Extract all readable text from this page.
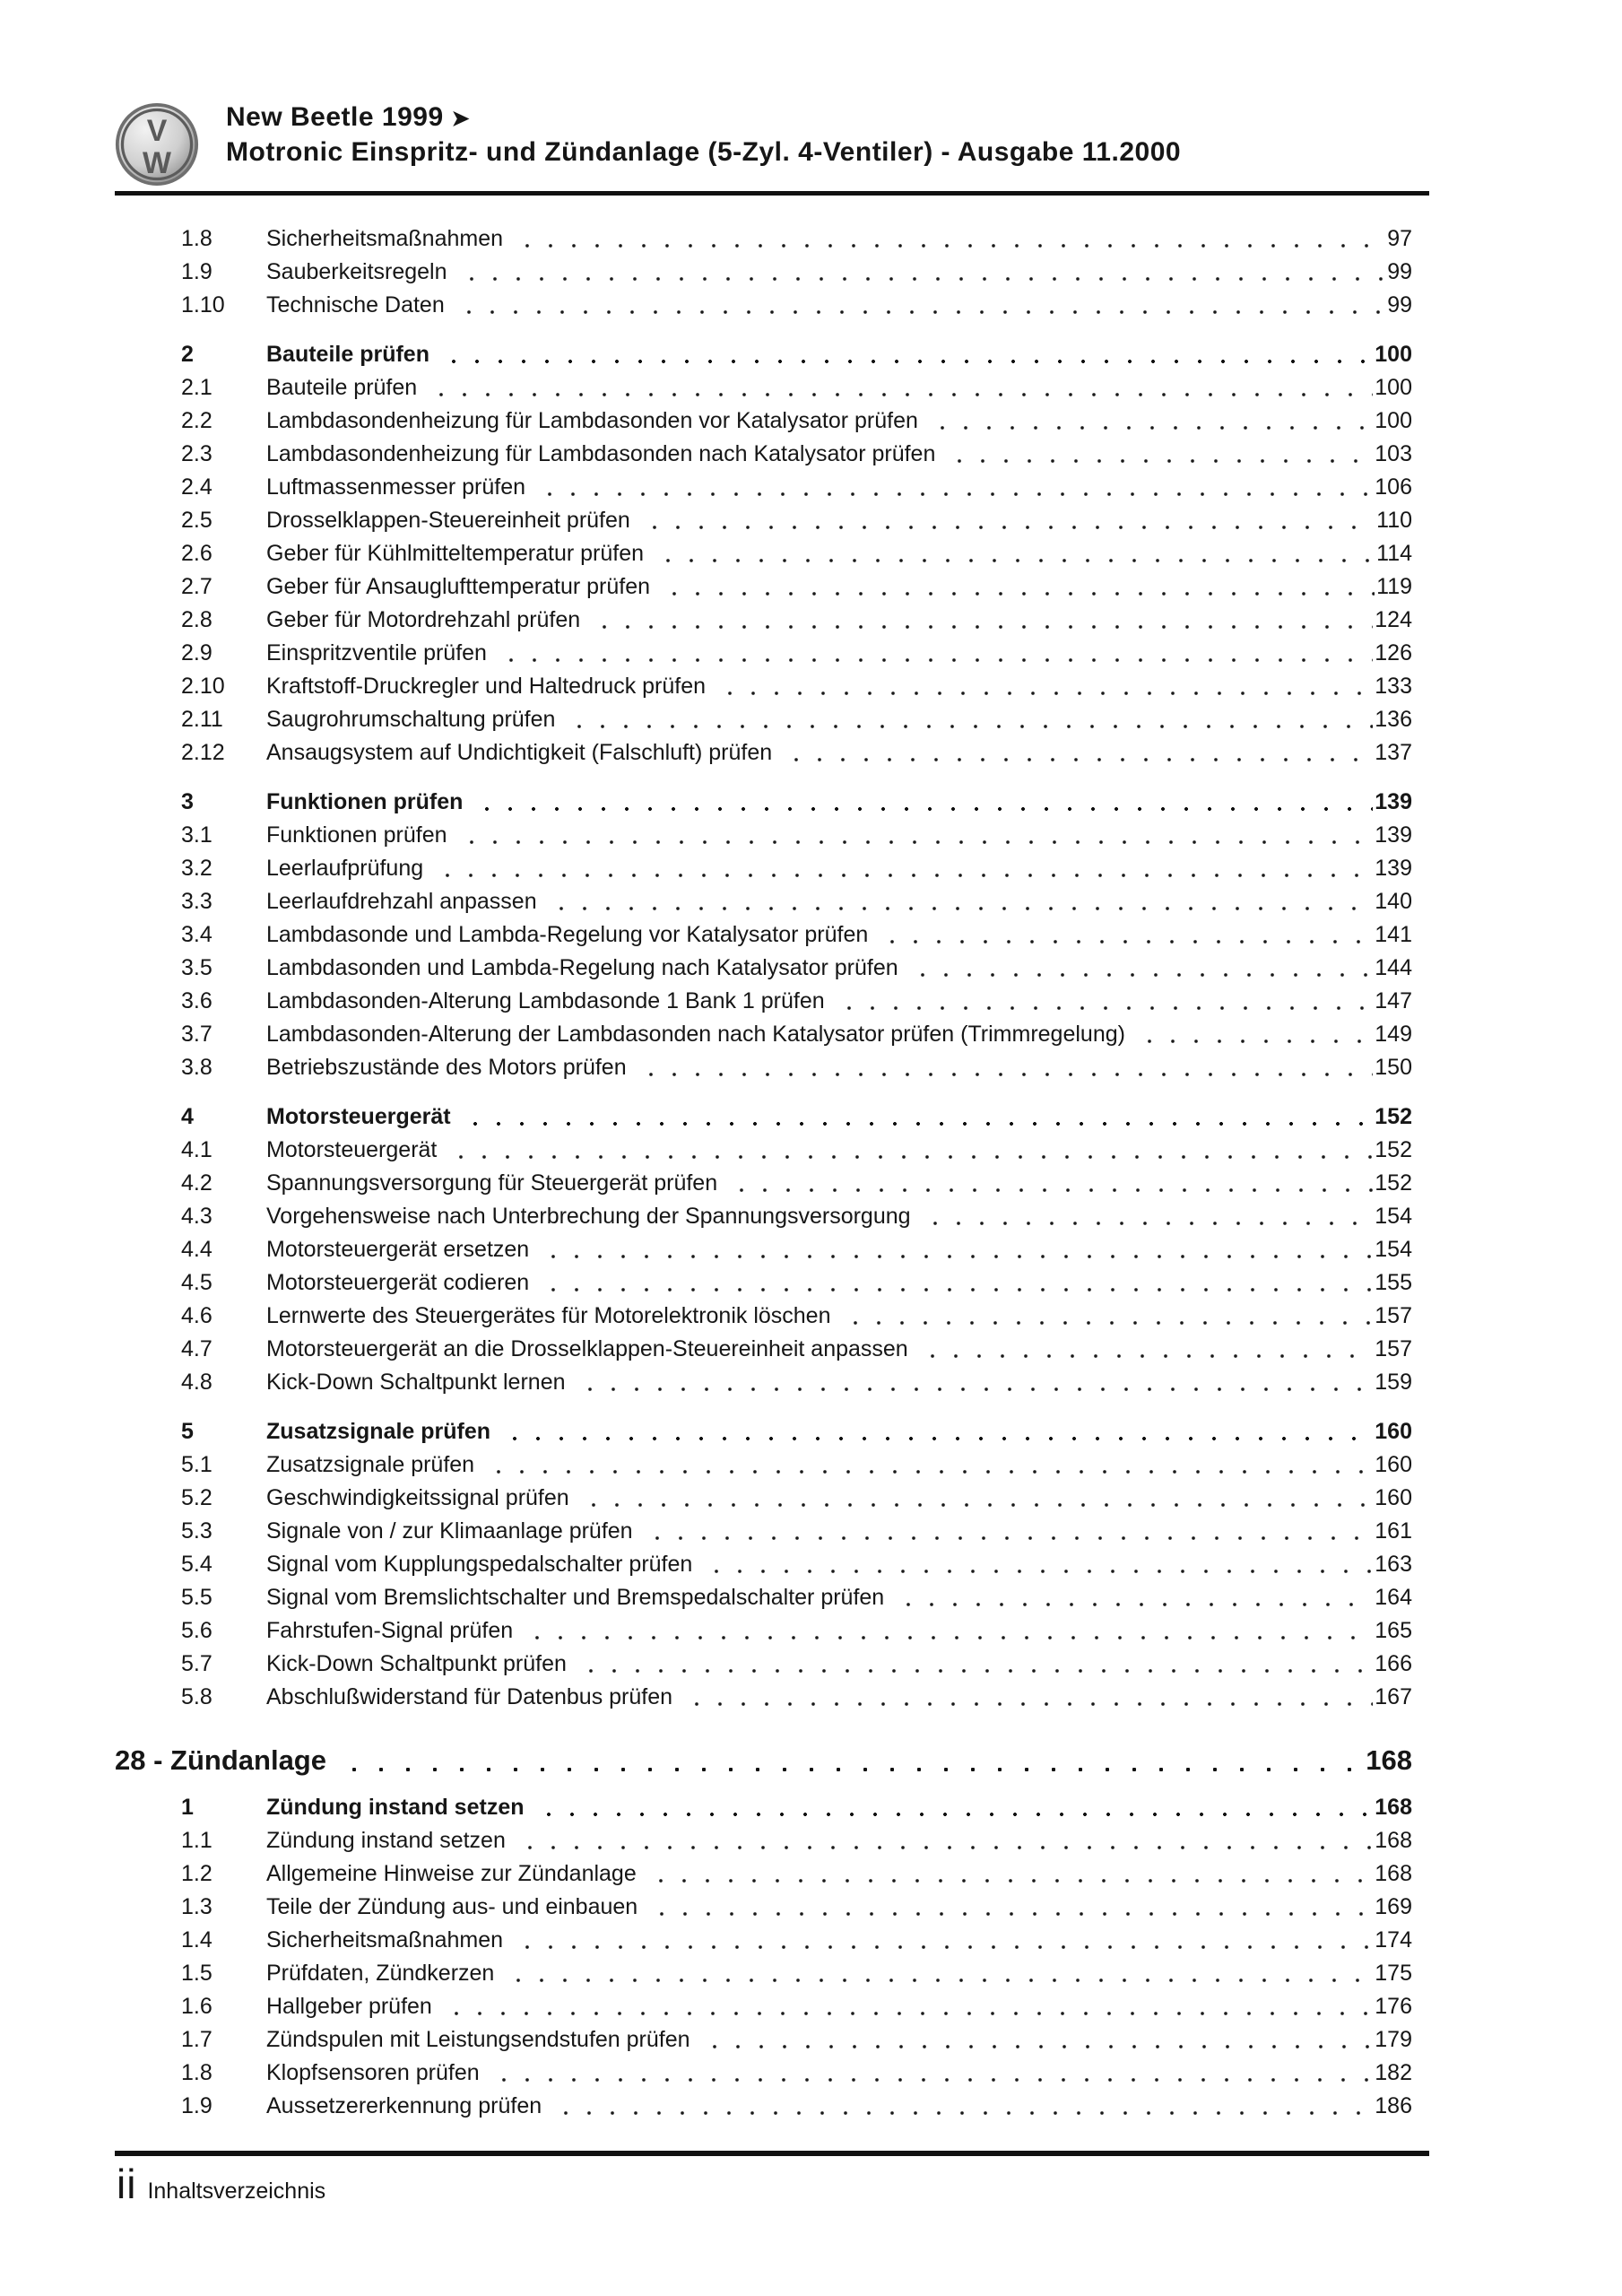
V
W
New Beetle 1999 ➤
Motronic Einspritz- und Zündanlage (5-Zyl. 4-Ventiler) - Ausgabe 11.2000
1.8	Sicherheitsmaßnahmen	97
1.9	Sauberkeitsregeln	99
1.10	Technische Daten	99
2	Bauteile prüfen	100
2.1	Bauteile prüfen	100
2.2	Lambdasondenheizung für Lambdasonden vor Katalysator prüfen	100
2.3	Lambdasondenheizung für Lambdasonden nach Katalysator prüfen	103
2.4	Luftmassenmesser prüfen	106
2.5	Drosselklappen-Steuereinheit prüfen	110
2.6	Geber für Kühlmitteltemperatur prüfen	114
2.7	Geber für Ansauglufttemperatur prüfen	119
2.8	Geber für Motordrehzahl prüfen	124
2.9	Einspritzventile prüfen	126
2.10	Kraftstoff-Druckregler und Haltedruck prüfen	133
2.11	Saugrohrumschaltung prüfen	136
2.12	Ansaugsystem auf Undichtigkeit (Falschluft) prüfen	137
3	Funktionen prüfen	139
3.1	Funktionen prüfen	139
3.2	Leerlaufprüfung	139
3.3	Leerlaufdrehzahl anpassen	140
3.4	Lambdasonde und Lambda-Regelung vor Katalysator prüfen	141
3.5	Lambdasonden und Lambda-Regelung nach Katalysator prüfen	144
3.6	Lambdasonden-Alterung Lambdasonde 1 Bank 1 prüfen	147
3.7	Lambdasonden-Alterung der Lambdasonden nach Katalysator prüfen (Trimmregelung)	149
3.8	Betriebszustände des Motors prüfen	150
4	Motorsteuergerät	152
4.1	Motorsteuergerät	152
4.2	Spannungsversorgung für Steuergerät prüfen	152
4.3	Vorgehensweise nach Unterbrechung der Spannungsversorgung	154
4.4	Motorsteuergerät ersetzen	154
4.5	Motorsteuergerät codieren	155
4.6	Lernwerte des Steuergerätes für Motorelektronik löschen	157
4.7	Motorsteuergerät an die Drosselklappen-Steuereinheit anpassen	157
4.8	Kick-Down Schaltpunkt lernen	159
5	Zusatzsignale prüfen	160
5.1	Zusatzsignale prüfen	160
5.2	Geschwindigkeitssignal prüfen	160
5.3	Signale von / zur Klimaanlage prüfen	161
5.4	Signal vom Kupplungspedalschalter prüfen	163
5.5	Signal vom Bremslichtschalter und Bremspedalschalter prüfen	164
5.6	Fahrstufen-Signal prüfen	165
5.7	Kick-Down Schaltpunkt prüfen	166
5.8	Abschlußwiderstand für Datenbus prüfen	167
28 - Zündanlage	168
1	Zündung instand setzen	168
1.1	Zündung instand setzen	168
1.2	Allgemeine Hinweise zur Zündanlage	168
1.3	Teile der Zündung aus- und einbauen	169
1.4	Sicherheitsmaßnahmen	174
1.5	Prüfdaten, Zündkerzen	175
1.6	Hallgeber prüfen	176
1.7	Zündspulen mit Leistungsendstufen prüfen	179
1.8	Klopfsensoren prüfen	182
1.9	Aussetzererkennung prüfen	186
ii Inhaltsverzeichnis
